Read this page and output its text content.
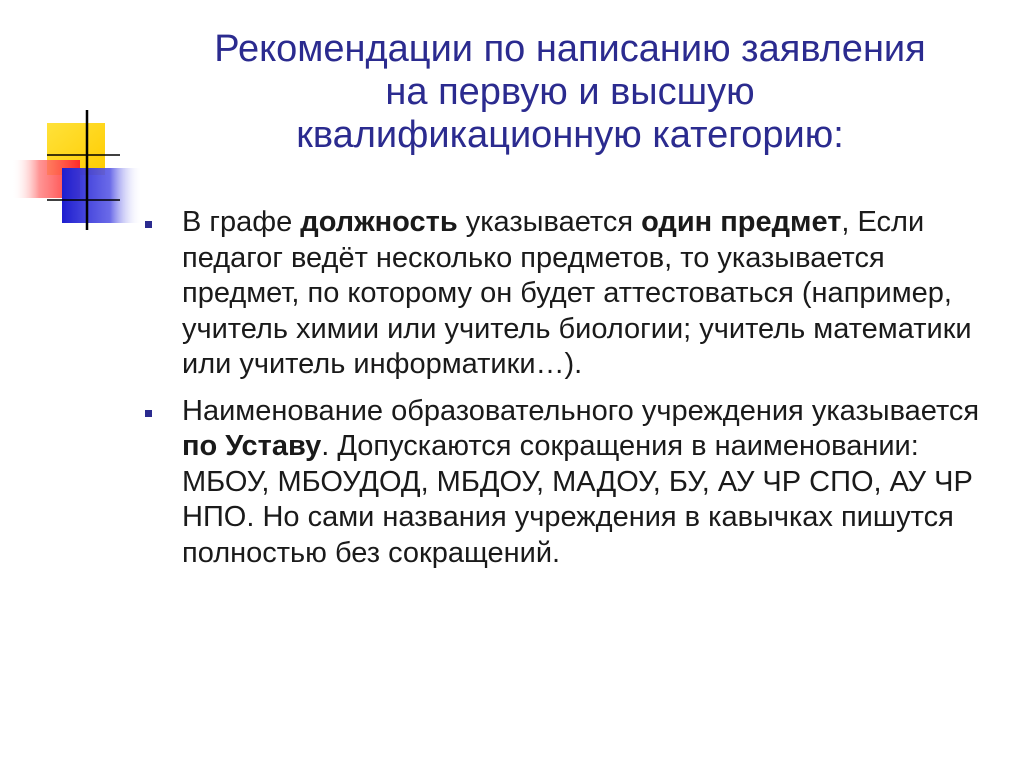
Рекомендации по написанию заявления
на первую и высшую
квалификационную категорию:
В графе должность указывается один предмет, Если педагог ведёт несколько предметов, то указывается предмет, по которому он будет аттестоваться (например, учитель химии или учитель биологии; учитель математики или учитель информатики…).
Наименование образовательного учреждения указывается по Уставу. Допускаются сокращения в наименовании: МБОУ, МБОУДОД, МБДОУ, МАДОУ, БУ, АУ ЧР СПО, АУ ЧР НПО. Но сами названия учреждения в кавычках пишутся полностью без сокращений.
